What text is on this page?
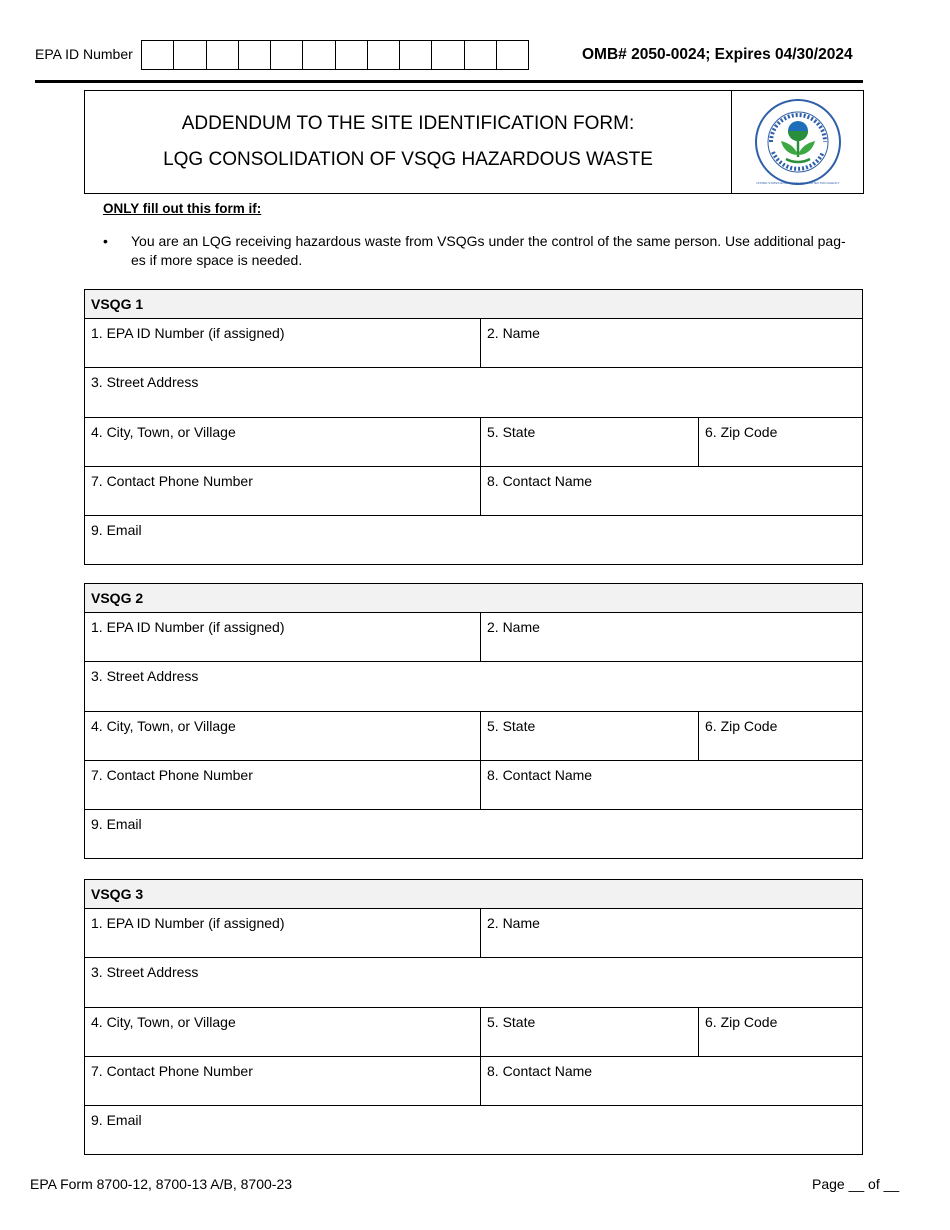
EPA ID Number	OMB# 2050-0024; Expires 04/30/2024
ADDENDUM TO THE SITE IDENTIFICATION FORM:
LQG CONSOLIDATION OF VSQG HAZARDOUS WASTE
UNITED STATES ENVIRONMENTAL PROTECTION AGENCY
ONLY fill out this form if:
•	You are an LQG receiving hazardous waste from VSQGs under the control of the same person. Use additional pag-es if more space is needed.
VSQG 1
1. EPA ID Number (if assigned)	2. Name
3. Street Address
4. City, Town, or Village	5. State	6. Zip Code
7. Contact Phone Number	8. Contact Name
9. Email
VSQG 2
1. EPA ID Number (if assigned)	2. Name
3. Street Address
4. City, Town, or Village	5. State	6. Zip Code
7. Contact Phone Number	8. Contact Name
9. Email
VSQG 3
1. EPA ID Number (if assigned)	2. Name
3. Street Address
4. City, Town, or Village	5. State	6. Zip Code
7. Contact Phone Number	8. Contact Name
9. Email
EPA Form 8700-12, 8700-13 A/B, 8700-23	Page __ of __
